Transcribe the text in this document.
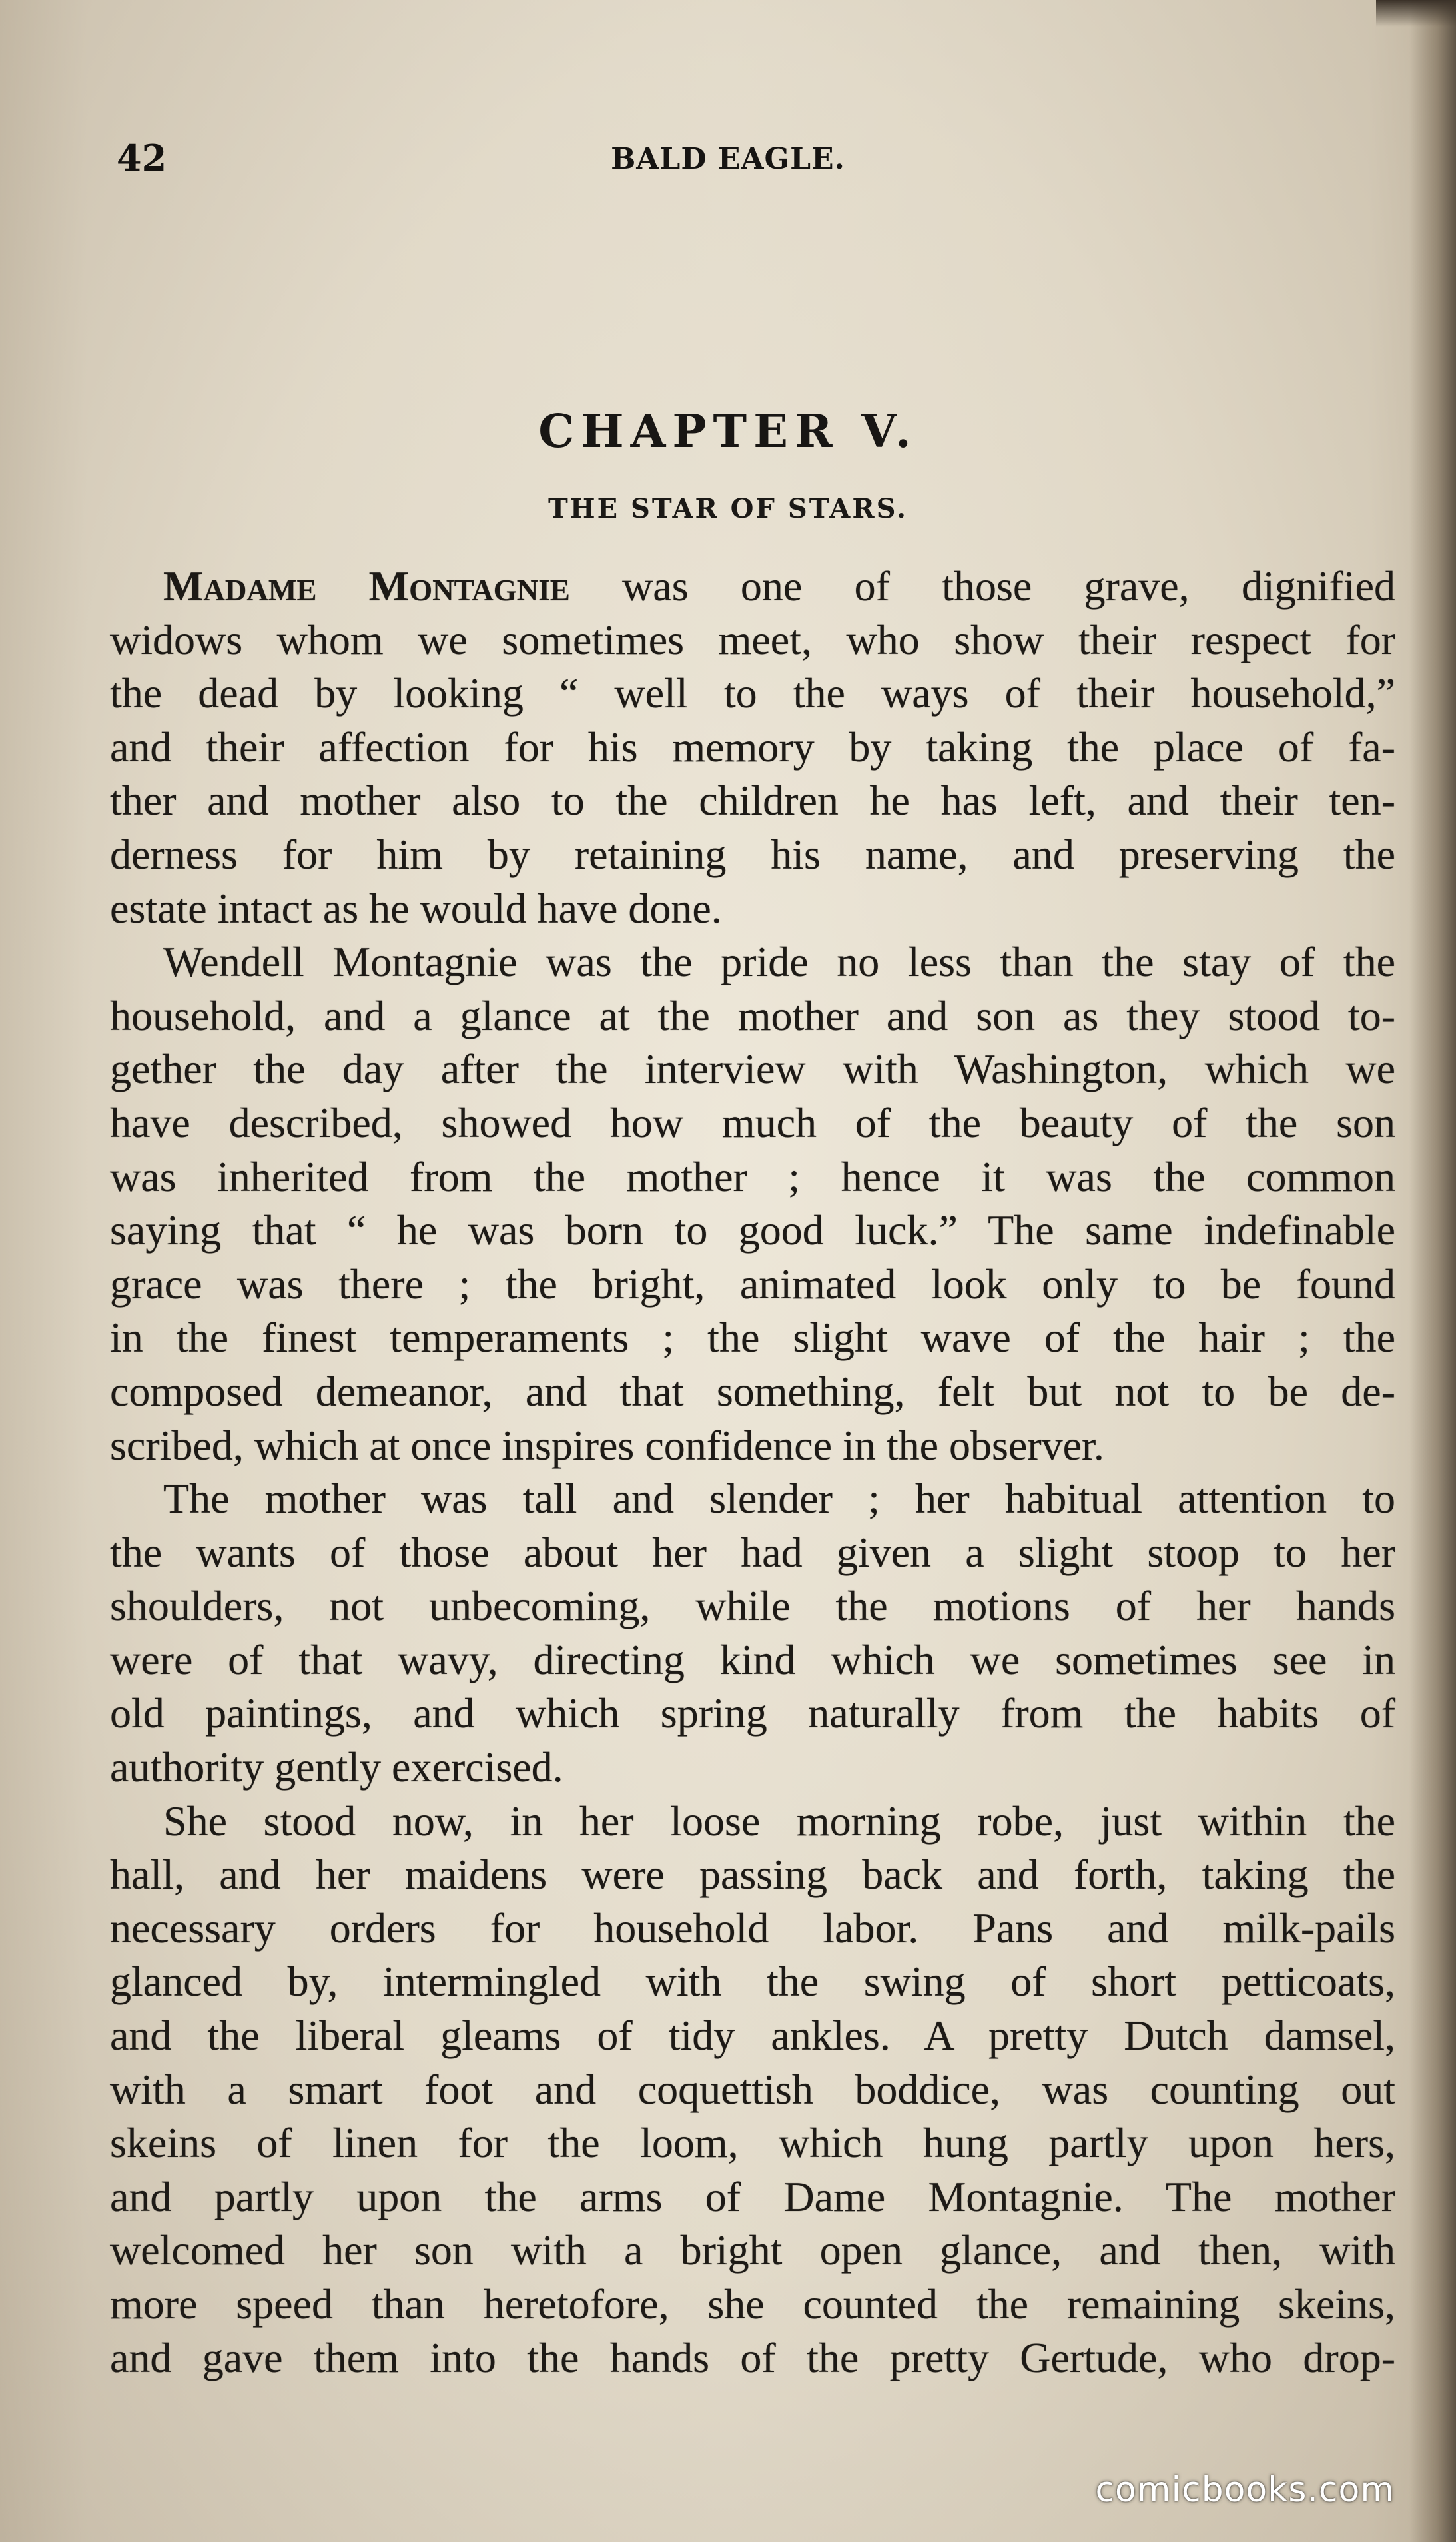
42	BALD EAGLE.
CHAPTER V.
THE STAR OF STARS.
Madame Montagnie was one of those grave, dignified
widows whom we sometimes meet, who show their respect for
the dead by looking “ well to the ways of their household,”
and their affection for his memory by taking the place of fa-
ther and mother also to the children he has left, and their ten-
derness for him by retaining his name, and preserving the
estate intact as he would have done.
Wendell Montagnie was the pride no less than the stay of the
household, and a glance at the mother and son as they stood to-
gether the day after the interview with Washington, which we
have described, showed how much of the beauty of the son
was inherited from the mother ; hence it was the common
saying that “ he was born to good luck.” The same indefinable
grace was there ; the bright, animated look only to be found
in the finest temperaments ; the slight wave of the hair ; the
composed demeanor, and that something, felt but not to be de-
scribed, which at once inspires confidence in the observer.
The mother was tall and slender ; her habitual attention to
the wants of those about her had given a slight stoop to her
shoulders, not unbecoming, while the motions of her hands
were of that wavy, directing kind which we sometimes see in
old paintings, and which spring naturally from the habits of
authority gently exercised.
She stood now, in her loose morning robe, just within the
hall, and her maidens were passing back and forth, taking the
necessary orders for household labor. Pans and milk-pails
glanced by, intermingled with the swing of short petticoats,
and the liberal gleams of tidy ankles. A pretty Dutch damsel,
with a smart foot and coquettish boddice, was counting out
skeins of linen for the loom, which hung partly upon hers,
and partly upon the arms of Dame Montagnie. The mother
welcomed her son with a bright open glance, and then, with
more speed than heretofore, she counted the remaining skeins,
and gave them into the hands of the pretty Gertude, who drop-
comicbooks.com
